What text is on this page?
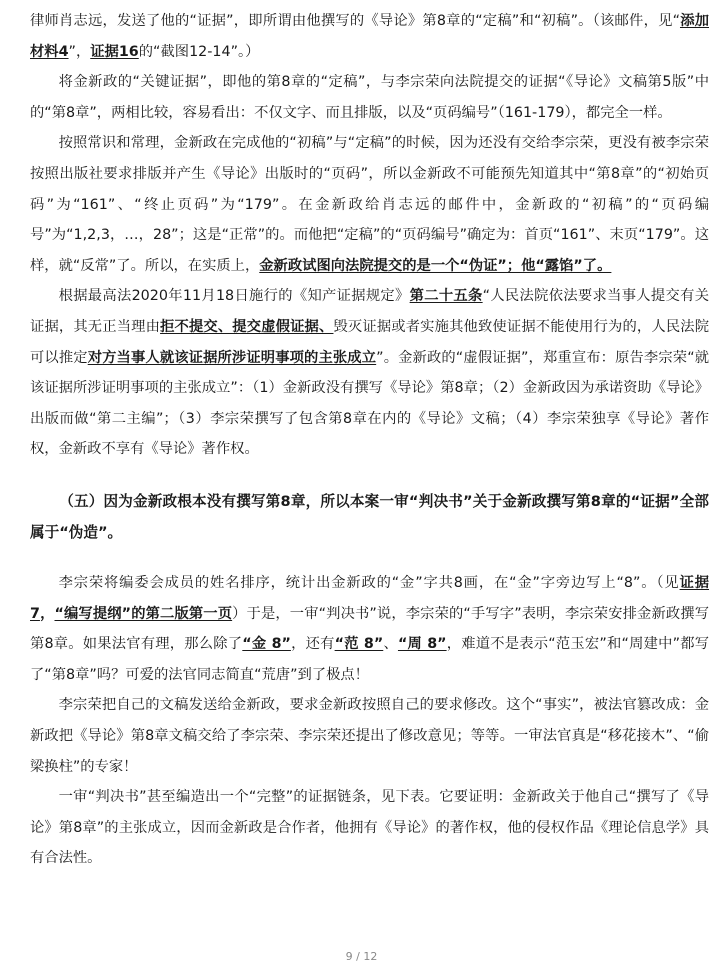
律师肖志远，发送了他的“证据”，即所谓由他撰写的《导论》第8章的“定稿”和“初稿”。（该邮件，见“添加材料4”，证据16的“截图12-14”。）

将金新政的“关键证据”，即他的第8章的“定稿”，与李宗荣向法院提交的证据“《导论》文稿第5版”中的“第8章”，两相比较，容易看出：不仅文字、而且排版，以及“页码编号”（161-179），都完全一样。

按照常识和常理，金新政在完成他的“初稿”与“定稿”的时候，因为还没有交给李宗荣，更没有被李宗荣按照出版社要求排版并产生《导论》出版时的“页码”，所以金新政不可能预先知道其中“第8章”的“初始页码”为“161”、“终止页码”为“179”。在金新政给肖志远的邮件中，金新政的“初稿”的“页码编号”为“1,2,3，…，28”；这是“正常”的。而他把“定稿”的“页码编号”确定为：首页“161”、末页“179”。这样，就“反常”了。所以，在实质上，金新政试图向法院提交的是一个“伪证”；他“露馅”了。

根据最高法2020年11月18日施行的《知产证据规定》第二十五条“人民法院依法要求当事人提交有关证据，其无正当理由拒不提交、提交虚假证据、毁灭证据或者实施其他致使证据不能使用行为的，人民法院可以推定对方当事人就该证据所涉证明事项的主张成立”。金新政的“虚假证据”，郑重宣布：原告李宗荣“就该证据所涉证明事项的主张成立”：（1）金新政没有撰写《导论》第8章；（2）金新政因为承诺资助《导论》出版而做“第二主编”；（3）李宗荣撰写了包含第8章在内的《导论》文稿；（4）李宗荣独享《导论》著作权，金新政不享有《导论》著作权。

（五）因为金新政根本没有撰写第8章，所以本案一审“判决书”关于金新政撰写第8章的“证据”全部属于“伪造”。

李宗荣将编委会成员的姓名排序，统计出金新政的“金”字共8画，在“金”字旁边写上“8”。（见证据7，“编写提纲”的第二版第一页）于是，一审“判决书”说，李宗荣的“手写字”表明，李宗荣安排金新政撰写第8章。如果法官有理，那么除了“金 8”，还有“范 8”、“周 8”，难道不是表示“范玉宏”和“周建中”都写了“第8章”吗？可爱的法官同志简直“荒唐”到了极点！

李宗荣把自己的文稿发送给金新政，要求金新政按照自己的要求修改。这个“事实”，被法官篡改成：金新政把《导论》第8章文稿交给了李宗荣、李宗荣还提出了修改意见；等等。一审法官真是“移花接木”、“偷梁换柱”的专家！

一审“判决书”甚至编造出一个“完整”的证据链条，见下表。它要证明：金新政关于他自己“撰写了《导论》第8章”的主张成立，因而金新政是合作者，他拥有《导论》的著作权，他的侵权作品《理论信息学》具有合法性。

9 / 12
